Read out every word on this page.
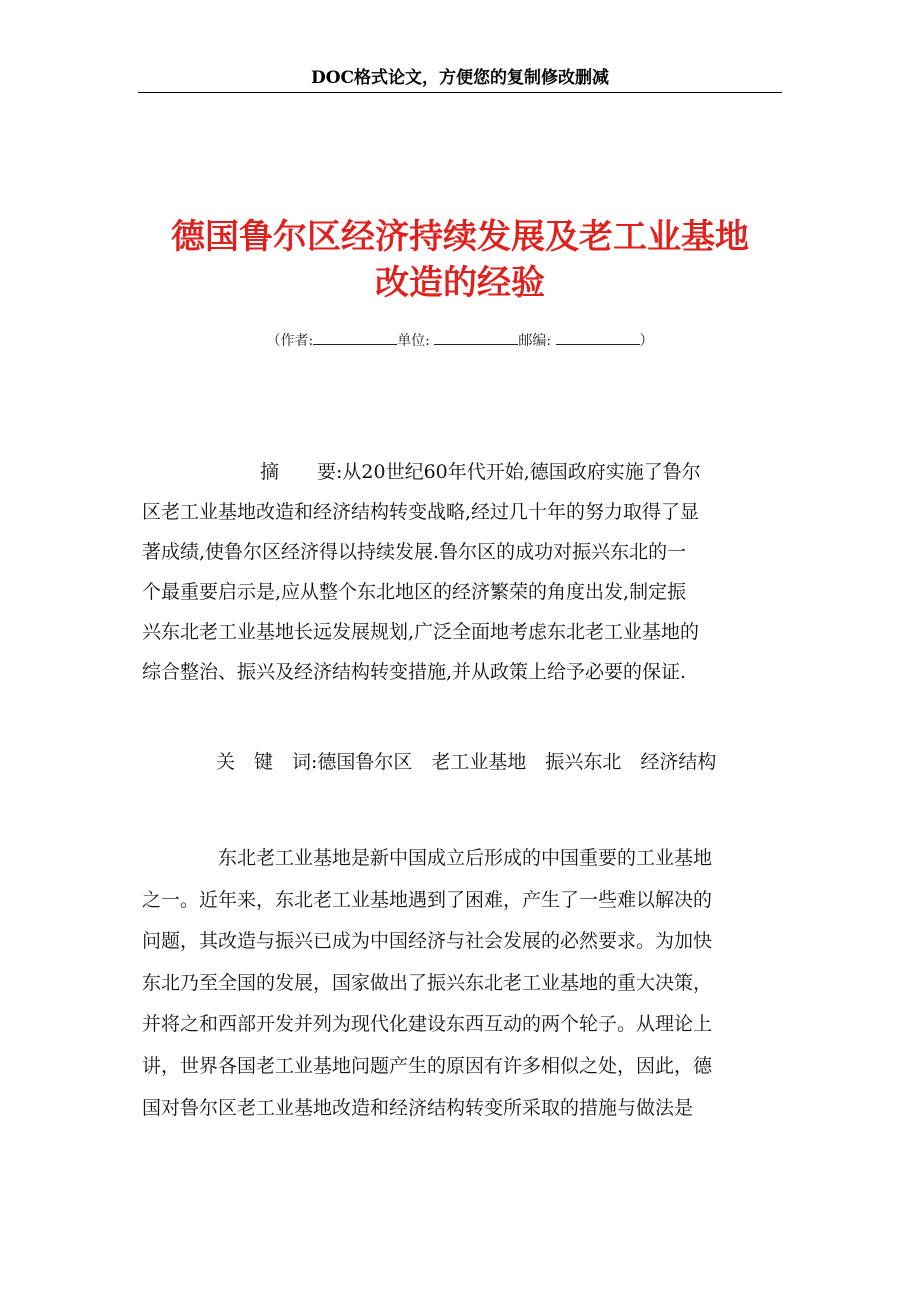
DOC格式论文，方便您的复制修改删减
德国鲁尔区经济持续发展及老工业基地
改造的经验
（作者:	单位:	邮编:	）
摘　　要:从20世纪60年代开始,德国政府实施了鲁尔
区老工业基地改造和经济结构转变战略,经过几十年的努力取得了显
著成绩,使鲁尔区经济得以持续发展.鲁尔区的成功对振兴东北的一
个最重要启示是,应从整个东北地区的经济繁荣的角度出发,制定振
兴东北老工业基地长远发展规划,广泛全面地考虑东北老工业基地的
综合整治、振兴及经济结构转变措施,并从政策上给予必要的保证.
关　键　词:德国鲁尔区　老工业基地　振兴东北　经济结构
东北老工业基地是新中国成立后形成的中国重要的工业基地
之一。近年来，东北老工业基地遇到了困难，产生了一些难以解决的
问题，其改造与振兴已成为中国经济与社会发展的必然要求。为加快
东北乃至全国的发展，国家做出了振兴东北老工业基地的重大决策，
并将之和西部开发并列为现代化建设东西互动的两个轮子。从理论上
讲，世界各国老工业基地问题产生的原因有许多相似之处，因此，德
国对鲁尔区老工业基地改造和经济结构转变所采取的措施与做法是
